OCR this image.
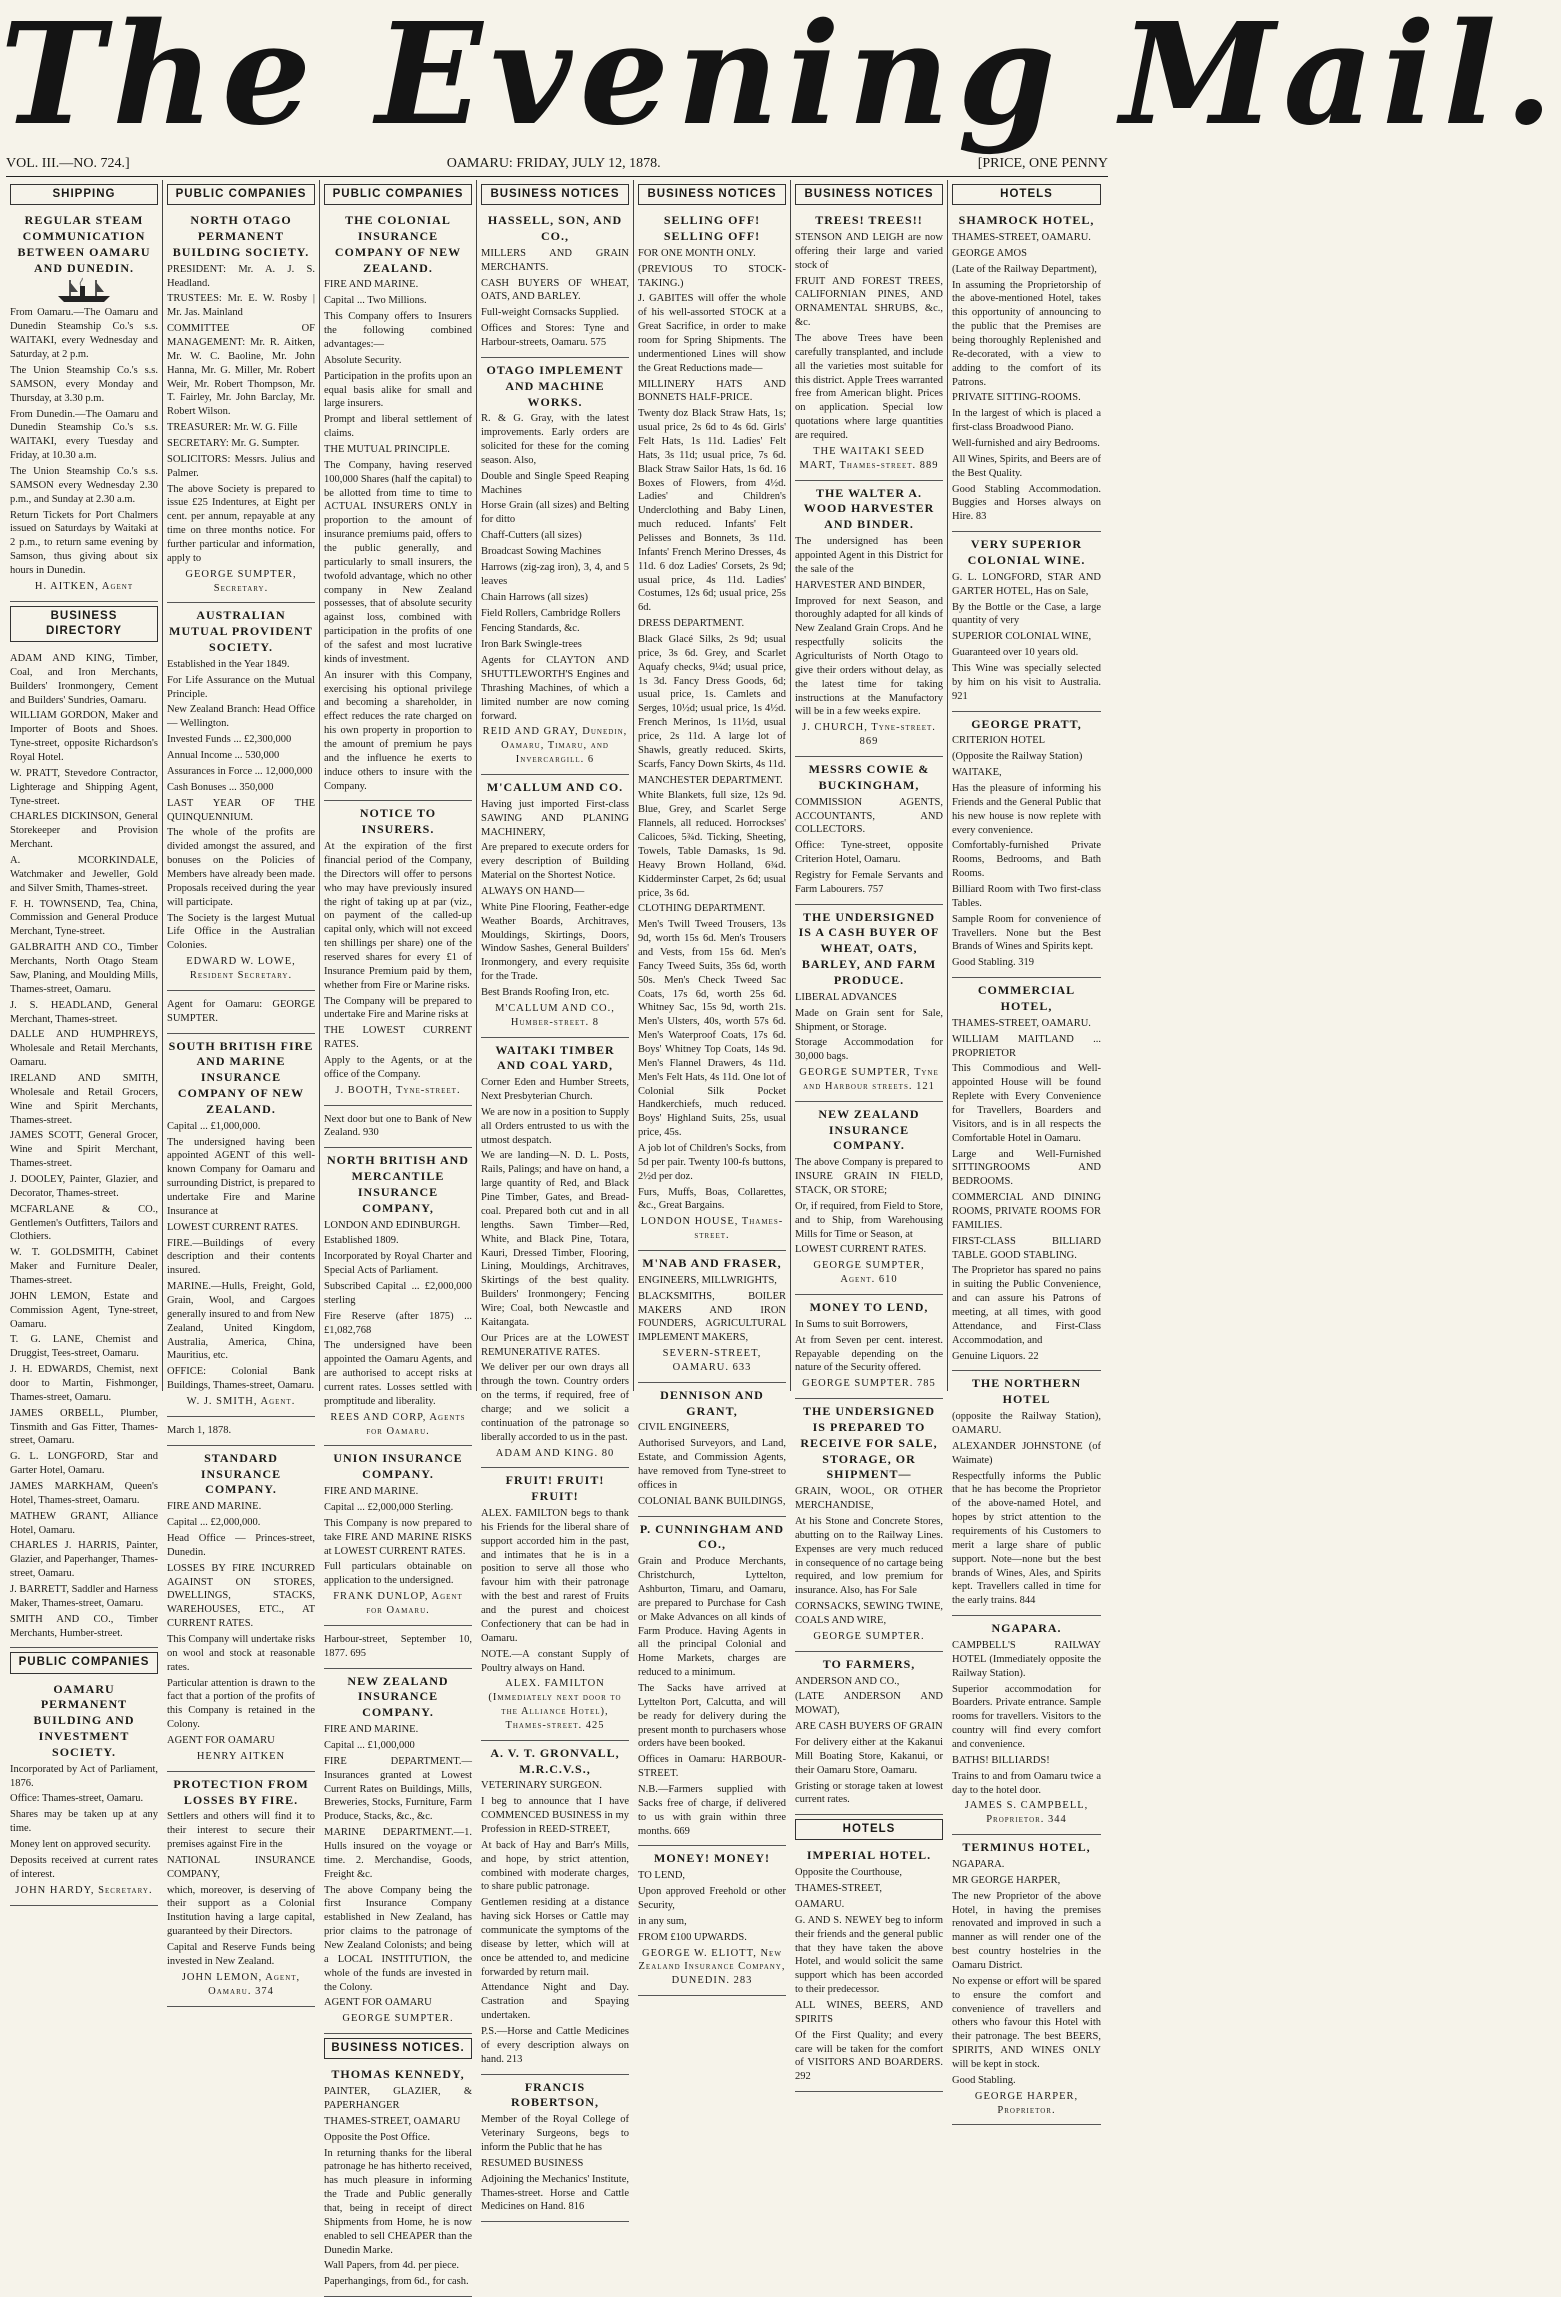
The Evening Mail.
VOL. III.—NO. 724.]	OAMARU: FRIDAY, JULY 12, 1878.	[PRICE, ONE PENNY
SHIPPING
REGULAR STEAM COMMUNICATION BETWEEN OAMARU AND DUNEDIN.

From Oamaru.—The Oamaru and Dunedin Steamship Co.'s s.s. WAITAKI, every Wednesday and Saturday, at 2 p.m.

The Union Steamship Co.'s s.s. SAMSON, every Monday and Thursday, at 3.30 p.m.

From Dunedin.—The Oamaru and Dunedin Steamship Co.'s s.s. WAITAKI, every Tuesday and Friday, at 10.30 a.m.

The Union Steamship Co.'s s.s. SAMSON every Wednesday 2.30 p.m., and Sunday at 2.30 a.m.

Return Tickets for Port Chalmers issued on Saturdays by Waitaki at 2 p.m., to return same evening by Samson, thus giving about six hours in Dunedin.

H. AITKEN, Agent

BUSINESS DIRECTORY

ADAM AND KING, Timber, Coal, and Iron Merchants, Builders' Ironmongery, Cement and Builders' Sundries, Oamaru.

WILLIAM GORDON, Maker and Importer of Boots and Shoes. Tyne-street, opposite Richardson's Royal Hotel.

W. PRATT, Stevedore Contractor, Lighterage and Shipping Agent, Tyne-street.

CHARLES DICKINSON, General Storekeeper and Provision Merchant.

A. MCORKINDALE, Watchmaker and Jeweller, Gold and Silver Smith, Thames-street.

F. H. TOWNSEND, Tea, China, Commission and General Produce Merchant, Tyne-street.

GALBRAITH AND CO., Timber Merchants, North Otago Steam Saw, Planing, and Moulding Mills, Thames-street, Oamaru.

J. S. HEADLAND, General Merchant, Thames-street.

DALLE AND HUMPHREYS, Wholesale and Retail Merchants, Oamaru.

IRELAND AND SMITH, Wholesale and Retail Grocers, Wine and Spirit Merchants, Thames-street.

JAMES SCOTT, General Grocer, Wine and Spirit Merchant, Thames-street.

J. DOOLEY, Painter, Glazier, and Decorator, Thames-street.

MCFARLANE & CO., Gentlemen's Outfitters, Tailors and Clothiers.

W. T. GOLDSMITH, Cabinet Maker and Furniture Dealer, Thames-street.

JOHN LEMON, Estate and Commission Agent, Tyne-street, Oamaru.

T. G. LANE, Chemist and Druggist, Tees-street, Oamaru.

J. H. EDWARDS, Chemist, next door to Martin, Fishmonger, Thames-street, Oamaru.

JAMES ORBELL, Plumber, Tinsmith and Gas Fitter, Thames-street, Oamaru.

G. L. LONGFORD, Star and Garter Hotel, Oamaru.

JAMES MARKHAM, Queen's Hotel, Thames-street, Oamaru.

MATHEW GRANT, Alliance Hotel, Oamaru.

CHARLES J. HARRIS, Painter, Glazier, and Paperhanger, Thames-street, Oamaru.

J. BARRETT, Saddler and Harness Maker, Thames-street, Oamaru.

SMITH AND CO., Timber Merchants, Humber-street.

PUBLIC COMPANIES
OAMARU PERMANENT BUILDING AND INVESTMENT SOCIETY.

Incorporated by Act of Parliament, 1876.

Office: Thames-street, Oamaru.

Shares may be taken up at any time.

Money lent on approved security.

Deposits received at current rates of interest.

JOHN HARDY, Secretary.

PUBLIC COMPANIES
NORTH OTAGO PERMANENT BUILDING SOCIETY.

PRESIDENT: Mr. A. J. S. Headland.

TRUSTEES: Mr. E. W. Rosby | Mr. Jas. Mainland

COMMITTEE OF MANAGEMENT: Mr. R. Aitken, Mr. W. C. Baoline, Mr. John Hanna, Mr. G. Miller, Mr. Robert Weir, Mr. Robert Thompson, Mr. T. Fairley, Mr. John Barclay, Mr. Robert Wilson.

TREASURER: Mr. W. G. Fille

SECRETARY: Mr. G. Sumpter.

SOLICITORS: Messrs. Julius and Palmer.

The above Society is prepared to issue £25 Indentures, at Eight per cent. per annum, repayable at any time on three months notice. For further particular and information, apply to

GEORGE SUMPTER, Secretary.

AUSTRALIAN MUTUAL PROVIDENT SOCIETY.

Established in the Year 1849.

For Life Assurance on the Mutual Principle.

New Zealand Branch: Head Office — Wellington.

Invested Funds ... £2,300,000

Annual Income ... 530,000

Assurances in Force ... 12,000,000

Cash Bonuses ... 350,000

LAST YEAR OF THE QUINQUENNIUM.

The whole of the profits are divided amongst the assured, and bonuses on the Policies of Members have already been made. Proposals received during the year will participate.

The Society is the largest Mutual Life Office in the Australian Colonies.

EDWARD W. LOWE, Resident Secretary.

Agent for Oamaru: GEORGE SUMPTER.

SOUTH BRITISH FIRE AND MARINE INSURANCE COMPANY OF NEW ZEALAND.

Capital ... £1,000,000.

The undersigned having been appointed AGENT of this well-known Company for Oamaru and surrounding District, is prepared to undertake Fire and Marine Insurance at

LOWEST CURRENT RATES.

FIRE.—Buildings of every description and their contents insured.

MARINE.—Hulls, Freight, Gold, Grain, Wool, and Cargoes generally insured to and from New Zealand, United Kingdom, Australia, America, China, Mauritius, etc.

OFFICE: Colonial Bank Buildings, Thames-street, Oamaru.

W. J. SMITH, Agent.

March 1, 1878.

STANDARD INSURANCE COMPANY.

FIRE AND MARINE.

Capital ... £2,000,000.

Head Office — Princes-street, Dunedin.

LOSSES BY FIRE INCURRED AGAINST ON STORES, DWELLINGS, STACKS, WAREHOUSES, ETC., AT CURRENT RATES.

This Company will undertake risks on wool and stock at reasonable rates.

Particular attention is drawn to the fact that a portion of the profits of this Company is retained in the Colony.

AGENT FOR OAMARU

HENRY AITKEN

PROTECTION FROM LOSSES BY FIRE.

Settlers and others will find it to their interest to secure their premises against Fire in the

NATIONAL INSURANCE COMPANY,

which, moreover, is deserving of their support as a Colonial Institution having a large capital, guaranteed by their Directors.

Capital and Reserve Funds being invested in New Zealand.

JOHN LEMON, Agent, Oamaru. 374

PUBLIC COMPANIES
THE COLONIAL INSURANCE COMPANY OF NEW ZEALAND.

FIRE AND MARINE.

Capital ... Two Millions.

This Company offers to Insurers the following combined advantages:—

Absolute Security.

Participation in the profits upon an equal basis alike for small and large insurers.

Prompt and liberal settlement of claims.

THE MUTUAL PRINCIPLE.

The Company, having reserved 100,000 Shares (half the capital) to be allotted from time to time to ACTUAL INSURERS ONLY in proportion to the amount of insurance premiums paid, offers to the public generally, and particularly to small insurers, the twofold advantage, which no other company in New Zealand possesses, that of absolute security against loss, combined with participation in the profits of one of the safest and most lucrative kinds of investment.

An insurer with this Company, exercising his optional privilege and becoming a shareholder, in effect reduces the rate charged on his own property in proportion to the amount of premium he pays and the influence he exerts to induce others to insure with the Company.

NOTICE TO INSURERS.

At the expiration of the first financial period of the Company, the Directors will offer to persons who may have previously insured the right of taking up at par (viz., on payment of the called-up capital only, which will not exceed ten shillings per share) one of the reserved shares for every £1 of Insurance Premium paid by them, whether from Fire or Marine risks.

The Company will be prepared to undertake Fire and Marine risks at

THE LOWEST CURRENT RATES.

Apply to the Agents, or at the office of the Company.

J. BOOTH, Tyne-street.

Next door but one to Bank of New Zealand. 930

NORTH BRITISH AND MERCANTILE INSURANCE COMPANY,

LONDON AND EDINBURGH.

Established 1809.

Incorporated by Royal Charter and Special Acts of Parliament.

Subscribed Capital ... £2,000,000 sterling

Fire Reserve (after 1875) ... £1,082,768

The undersigned have been appointed the Oamaru Agents, and are authorised to accept risks at current rates. Losses settled with promptitude and liberality.

REES AND CORP, Agents for Oamaru.

UNION INSURANCE COMPANY.

FIRE AND MARINE.

Capital ... £2,000,000 Sterling.

This Company is now prepared to take FIRE AND MARINE RISKS at LOWEST CURRENT RATES.

Full particulars obtainable on application to the undersigned.

FRANK DUNLOP, Agent for Oamaru.

Harbour-street, September 10, 1877. 695

NEW ZEALAND INSURANCE COMPANY.

FIRE AND MARINE.

Capital ... £1,000,000

FIRE DEPARTMENT.—Insurances granted at Lowest Current Rates on Buildings, Mills, Breweries, Stocks, Furniture, Farm Produce, Stacks, &c., &c.

MARINE DEPARTMENT.—1. Hulls insured on the voyage or time. 2. Merchandise, Goods, Freight &c.

The above Company being the first Insurance Company established in New Zealand, has prior claims to the patronage of New Zealand Colonists; and being a LOCAL INSTITUTION, the whole of the funds are invested in the Colony.

AGENT FOR OAMARU

GEORGE SUMPTER.

BUSINESS NOTICES.
THOMAS KENNEDY,

PAINTER, GLAZIER, & PAPERHANGER

THAMES-STREET, OAMARU

Opposite the Post Office.

In returning thanks for the liberal patronage he has hitherto received, has much pleasure in informing the Trade and Public generally that, being in receipt of direct Shipments from Home, he is now enabled to sell CHEAPER than the Dunedin Marke.

Wall Papers, from 4d. per piece.

Paperhangings, from 6d., for cash.

BUSINESS NOTICES
HASSELL, SON, AND CO.,

MILLERS AND GRAIN MERCHANTS.

CASH BUYERS OF WHEAT, OATS, AND BARLEY.

Full-weight Cornsacks Supplied.

Offices and Stores: Tyne and Harbour-streets, Oamaru. 575

OTAGO IMPLEMENT AND MACHINE WORKS.

R. & G. Gray, with the latest improvements. Early orders are solicited for these for the coming season. Also,

Double and Single Speed Reaping Machines

Horse Grain (all sizes) and Belting for ditto

Chaff-Cutters (all sizes)

Broadcast Sowing Machines

Harrows (zig-zag iron), 3, 4, and 5 leaves

Chain Harrows (all sizes)

Field Rollers, Cambridge Rollers

Fencing Standards, &c.

Iron Bark Swingle-trees

Agents for CLAYTON AND SHUTTLEWORTH'S Engines and Thrashing Machines, of which a limited number are now coming forward.

REID AND GRAY, Dunedin, Oamaru, Timaru, and Invercargill. 6

M'CALLUM AND CO.

Having just imported First-class SAWING AND PLANING MACHINERY,

Are prepared to execute orders for every description of Building Material on the Shortest Notice.

ALWAYS ON HAND—

White Pine Flooring, Feather-edge Weather Boards, Architraves, Mouldings, Skirtings, Doors, Window Sashes, General Builders' Ironmongery, and every requisite for the Trade.

Best Brands Roofing Iron, etc.

M'CALLUM AND CO., Humber-street. 8

WAITAKI TIMBER AND COAL YARD,

Corner Eden and Humber Streets, Next Presbyterian Church.

We are now in a position to Supply all Orders entrusted to us with the utmost despatch.

We are landing—N. D. L. Posts, Rails, Palings; and have on hand, a large quantity of Red, and Black Pine Timber, Gates, and Bread-coal. Prepared both cut and in all lengths. Sawn Timber—Red, White, and Black Pine, Totara, Kauri, Dressed Timber, Flooring, Lining, Mouldings, Architraves, Skirtings of the best quality. Builders' Ironmongery; Fencing Wire; Coal, both Newcastle and Kaitangata.

Our Prices are at the LOWEST REMUNERATIVE RATES.

We deliver per our own drays all through the town. Country orders on the terms, if required, free of charge; and we solicit a continuation of the patronage so liberally accorded to us in the past.

ADAM AND KING. 80

FRUIT! FRUIT! FRUIT!

ALEX. FAMILTON begs to thank his Friends for the liberal share of support accorded him in the past, and intimates that he is in a position to serve all those who favour him with their patronage with the best and rarest of Fruits and the purest and choicest Confectionery that can be had in Oamaru.

NOTE.—A constant Supply of Poultry always on Hand.

ALEX. FAMILTON (Immediately next door to the Alliance Hotel), Thames-street. 425

A. V. T. GRONVALL, M.R.C.V.S.,

VETERINARY SURGEON.

I beg to announce that I have COMMENCED BUSINESS in my Profession in REED-STREET,

At back of Hay and Barr's Mills, and hope, by strict attention, combined with moderate charges, to share public patronage.

Gentlemen residing at a distance having sick Horses or Cattle may communicate the symptoms of the disease by letter, which will at once be attended to, and medicine forwarded by return mail.

Attendance Night and Day. Castration and Spaying undertaken.

P.S.—Horse and Cattle Medicines of every description always on hand. 213

FRANCIS ROBERTSON,

Member of the Royal College of Veterinary Surgeons, begs to inform the Public that he has

RESUMED BUSINESS

Adjoining the Mechanics' Institute, Thames-street. Horse and Cattle Medicines on Hand. 816

BUSINESS NOTICES
SELLING OFF! SELLING OFF!

FOR ONE MONTH ONLY.

(PREVIOUS TO STOCK-TAKING.)

J. GABITES will offer the whole of his well-assorted STOCK at a Great Sacrifice, in order to make room for Spring Shipments. The undermentioned Lines will show the Great Reductions made—

MILLINERY HATS AND BONNETS HALF-PRICE.

Twenty doz Black Straw Hats, 1s; usual price, 2s 6d to 4s 6d. Girls' Felt Hats, 1s 11d. Ladies' Felt Hats, 3s 11d; usual price, 7s 6d. Black Straw Sailor Hats, 1s 6d. 16 Boxes of Flowers, from 4½d. Ladies' and Children's Underclothing and Baby Linen, much reduced. Infants' Felt Pelisses and Bonnets, 3s 11d. Infants' French Merino Dresses, 4s 11d. 6 doz Ladies' Corsets, 2s 9d; usual price, 4s 11d. Ladies' Costumes, 12s 6d; usual price, 25s 6d.

DRESS DEPARTMENT.

Black Glacé Silks, 2s 9d; usual price, 3s 6d. Grey, and Scarlet Aquafy checks, 9¼d; usual price, 1s 3d. Fancy Dress Goods, 6d; usual price, 1s. Camlets and Serges, 10½d; usual price, 1s 4½d. French Merinos, 1s 11½d, usual price, 2s 11d. A large lot of Shawls, greatly reduced. Skirts, Scarfs, Fancy Down Skirts, 4s 11d.

MANCHESTER DEPARTMENT.

White Blankets, full size, 12s 9d. Blue, Grey, and Scarlet Serge Flannels, all reduced. Horrockses' Calicoes, 5¾d. Ticking, Sheeting, Towels, Table Damasks, 1s 9d. Heavy Brown Holland, 6¾d. Kidderminster Carpet, 2s 6d; usual price, 3s 6d.

CLOTHING DEPARTMENT.

Men's Twill Tweed Trousers, 13s 9d, worth 15s 6d. Men's Trousers and Vests, from 15s 6d. Men's Fancy Tweed Suits, 35s 6d, worth 50s. Men's Check Tweed Sac Coats, 17s 6d, worth 25s 6d. Whitney Sac, 15s 9d, worth 21s. Men's Ulsters, 40s, worth 57s 6d. Men's Waterproof Coats, 17s 6d. Boys' Whitney Top Coats, 14s 9d. Men's Flannel Drawers, 4s 11d. Men's Felt Hats, 4s 11d. One lot of Colonial Silk Pocket Handkerchiefs, much reduced. Boys' Highland Suits, 25s, usual price, 45s.

A job lot of Children's Socks, from 5d per pair. Twenty 100-fs buttons, 2½d per doz.

Furs, Muffs, Boas, Collarettes, &c., Great Bargains.

LONDON HOUSE, Thames-street.

M'NAB AND FRASER,

ENGINEERS, MILLWRIGHTS,

BLACKSMITHS, BOILER MAKERS AND IRON FOUNDERS, AGRICULTURAL IMPLEMENT MAKERS,

SEVERN-STREET, OAMARU. 633

DENNISON AND GRANT,

CIVIL ENGINEERS,

Authorised Surveyors, and Land, Estate, and Commission Agents, have removed from Tyne-street to offices in

COLONIAL BANK BUILDINGS,

P. CUNNINGHAM AND CO.,

Grain and Produce Merchants, Christchurch, Lyttelton, Ashburton, Timaru, and Oamaru, are prepared to Purchase for Cash or Make Advances on all kinds of Farm Produce. Having Agents in all the principal Colonial and Home Markets, charges are reduced to a minimum.

The Sacks have arrived at Lyttelton Port, Calcutta, and will be ready for delivery during the present month to purchasers whose orders have been booked.

Offices in Oamaru: HARBOUR-STREET.

N.B.—Farmers supplied with Sacks free of charge, if delivered to us with grain within three months. 669

MONEY! MONEY!

TO LEND,

Upon approved Freehold or other Security,

in any sum,

FROM £100 UPWARDS.

GEORGE W. ELIOTT, New Zealand Insurance Company, DUNEDIN. 283

BUSINESS NOTICES
TREES! TREES!!

STENSON AND LEIGH are now offering their large and varied stock of

FRUIT AND FOREST TREES, CALIFORNIAN PINES, AND ORNAMENTAL SHRUBS, &c., &c.

The above Trees have been carefully transplanted, and include all the varieties most suitable for this district. Apple Trees warranted free from American blight. Prices on application. Special low quotations where large quantities are required.

THE WAITAKI SEED MART, Thames-street. 889

THE WALTER A. WOOD HARVESTER AND BINDER.

The undersigned has been appointed Agent in this District for the sale of the

HARVESTER AND BINDER,

Improved for next Season, and thoroughly adapted for all kinds of New Zealand Grain Crops. And he respectfully solicits the Agriculturists of North Otago to give their orders without delay, as the latest time for taking instructions at the Manufactory will be in a few weeks expire.

J. CHURCH, Tyne-street. 869

MESSRS COWIE & BUCKINGHAM,

COMMISSION AGENTS, ACCOUNTANTS, AND COLLECTORS.

Office: Tyne-street, opposite Criterion Hotel, Oamaru.

Registry for Female Servants and Farm Labourers. 757

THE UNDERSIGNED IS A CASH BUYER OF WHEAT, OATS, BARLEY, AND FARM PRODUCE.

LIBERAL ADVANCES

Made on Grain sent for Sale, Shipment, or Storage.

Storage Accommodation for 30,000 bags.

GEORGE SUMPTER, Tyne and Harbour streets. 121

NEW ZEALAND INSURANCE COMPANY.

The above Company is prepared to INSURE GRAIN IN FIELD, STACK, OR STORE;

Or, if required, from Field to Store, and to Ship, from Warehousing Mills for Time or Season, at

LOWEST CURRENT RATES.

GEORGE SUMPTER, Agent. 610

MONEY TO LEND,

In Sums to suit Borrowers,

At from Seven per cent. interest. Repayable depending on the nature of the Security offered.

GEORGE SUMPTER. 785

THE UNDERSIGNED IS PREPARED TO RECEIVE FOR SALE, STORAGE, OR SHIPMENT—

GRAIN, WOOL, OR OTHER MERCHANDISE,

At his Stone and Concrete Stores, abutting on to the Railway Lines. Expenses are very much reduced in consequence of no cartage being required, and low premium for insurance. Also, has For Sale

CORNSACKS, SEWING TWINE, COALS AND WIRE,

GEORGE SUMPTER.

TO FARMERS,

ANDERSON AND CO.,

(LATE ANDERSON AND MOWAT),

ARE CASH BUYERS OF GRAIN

For delivery either at the Kakanui Mill Boating Store, Kakanui, or their Oamaru Store, Oamaru.

Gristing or storage taken at lowest current rates.

HOTELS
IMPERIAL HOTEL.

Opposite the Courthouse,

THAMES-STREET,

OAMARU.

G. AND S. NEWEY beg to inform their friends and the general public that they have taken the above Hotel, and would solicit the same support which has been accorded to their predecessor.

ALL WINES, BEERS, AND SPIRITS

Of the First Quality; and every care will be taken for the comfort of VISITORS AND BOARDERS. 292

HOTELS
SHAMROCK HOTEL,

THAMES-STREET, OAMARU.

GEORGE AMOS

(Late of the Railway Department),

In assuming the Proprietorship of the above-mentioned Hotel, takes this opportunity of announcing to the public that the Premises are being thoroughly Replenished and Re-decorated, with a view to adding to the comfort of its Patrons.

PRIVATE SITTING-ROOMS.

In the largest of which is placed a first-class Broadwood Piano.

Well-furnished and airy Bedrooms.

All Wines, Spirits, and Beers are of the Best Quality.

Good Stabling Accommodation. Buggies and Horses always on Hire. 83

VERY SUPERIOR COLONIAL WINE.

G. L. LONGFORD, STAR AND GARTER HOTEL, Has on Sale,

By the Bottle or the Case, a large quantity of very

SUPERIOR COLONIAL WINE,

Guaranteed over 10 years old.

This Wine was specially selected by him on his visit to Australia. 921

GEORGE PRATT,

CRITERION HOTEL

(Opposite the Railway Station)

WAITAKE,

Has the pleasure of informing his Friends and the General Public that his new house is now replete with every convenience.

Comfortably-furnished Private Rooms, Bedrooms, and Bath Rooms.

Billiard Room with Two first-class Tables.

Sample Room for convenience of Travellers. None but the Best Brands of Wines and Spirits kept.

Good Stabling. 319

COMMERCIAL HOTEL,

THAMES-STREET, OAMARU.

WILLIAM MAITLAND ... PROPRIETOR

This Commodious and Well-appointed House will be found Replete with Every Convenience for Travellers, Boarders and Visitors, and is in all respects the Comfortable Hotel in Oamaru.

Large and Well-Furnished SITTINGROOMS AND BEDROOMS.

COMMERCIAL AND DINING ROOMS, PRIVATE ROOMS FOR FAMILIES.

FIRST-CLASS BILLIARD TABLE. GOOD STABLING.

The Proprietor has spared no pains in suiting the Public Convenience, and can assure his Patrons of meeting, at all times, with good Attendance, and First-Class Accommodation, and

Genuine Liquors. 22

THE NORTHERN HOTEL

(opposite the Railway Station), OAMARU.

ALEXANDER JOHNSTONE (of Waimate)

Respectfully informs the Public that he has become the Proprietor of the above-named Hotel, and hopes by strict attention to the requirements of his Customers to merit a large share of public support. Note—none but the best brands of Wines, Ales, and Spirits kept. Travellers called in time for the early trains. 844

NGAPARA.

CAMPBELL'S RAILWAY HOTEL (Immediately opposite the Railway Station).

Superior accommodation for Boarders. Private entrance. Sample rooms for travellers. Visitors to the country will find every comfort and convenience.

BATHS! BILLIARDS!

Trains to and from Oamaru twice a day to the hotel door.

JAMES S. CAMPBELL, Proprietor. 344

TERMINUS HOTEL,

NGAPARA.

MR GEORGE HARPER,

The new Proprietor of the above Hotel, in having the premises renovated and improved in such a manner as will render one of the best country hostelries in the Oamaru District.

No expense or effort will be spared to ensure the comfort and convenience of travellers and others who favour this Hotel with their patronage. The best BEERS, SPIRITS, AND WINES ONLY will be kept in stock.

Good Stabling.

GEORGE HARPER, Proprietor.
